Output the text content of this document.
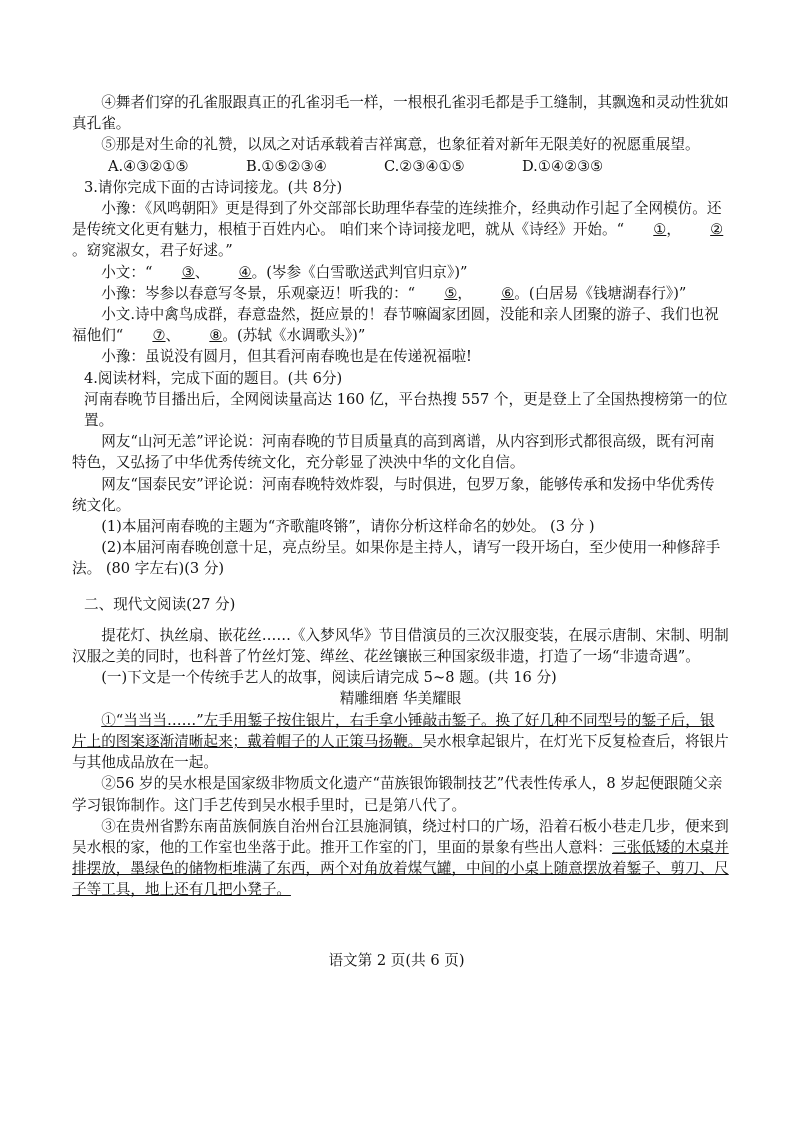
④舞者们穿的孔雀服跟真正的孔雀羽毛一样，一根根孔雀羽毛都是手工缝制，其飘逸和灵动性犹如真孔雀。

⑤那是对生命的礼赞，以凤之对话承载着吉祥寓意，也象征着对新年无限美好的祝愿重展望。

A.④③②①⑤	B.①⑤②③④	C.②③④①⑤	D.①④②③⑤

3.请你完成下面的古诗词接龙。(共 8分)

小豫：《风鸣朝阳》更是得到了外交部部长助理华春莹的连续推介，经典动作引起了全网模仿。还是传统文化更有魅力，根植于百姓内心。 咱们来个诗词接龙吧，就从《诗经》开始。“ ①， ②。窈窕淑女，君子好逑。”

小文：“ ③、 ④。(岑参《白雪歌送武判官归京》)”

小豫：岑参以春意写冬景，乐观豪迈！听我的：“ ⑤， ⑥。(白居易《钱塘湖春行》)”

小文.诗中禽鸟成群，春意盎然，挺应景的！春节嘛阖家团圆，没能和亲人团聚的游子、我们也祝福他们“ ⑦、 ⑧。(苏轼《水调歌头》)”

小豫：虽说没有圆月，但其看河南春晚也是在传递祝福啦!

4.阅读材料，完成下面的题目。(共 6分)

河南春晚节目播出后，全网阅读量高达 160 亿，平台热搜 557 个，更是登上了全国热搜榜第一的位置。

网友“山河无恙”评论说：河南春晚的节目质量真的高到离谱，从内容到形式都很高级，既有河南特色，又弘扬了中华优秀传统文化，充分彰显了泱泱中华的文化自信。

网友“国泰民安”评论说：河南春晚特效炸裂，与时俱进，包罗万象，能够传承和发扬中华优秀传统文化。

(1)本届河南春晚的主题为“齐歌龍咚锵”，请你分析这样命名的妙处。 (3 分 )

(2)本届河南春晚创意十足，亮点纷呈。如果你是主持人，请写一段开场白，至少使用一种修辞手法。 (80 字左右)(3 分)

二、现代文阅读(27 分)

提花灯、执丝扇、嵌花丝……《入梦风华》节目借演员的三次汉服变装，在展示唐制、宋制、明制汉服之美的同时，也科普了竹丝灯笼、缂丝、花丝镶嵌三种国家级非遗，打造了一场“非遗奇遇”。

(一)下文是一个传统手艺人的故事，阅读后请完成 5~8 题。(共 16 分)

精雕细磨 华美耀眼

①“当当当……”左手用錾子按住银片，右手拿小锤敲击錾子。换了好几种不同型号的錾子后，银片上的图案逐渐清晰起来；戴着帽子的人正策马扬鞭。吴水根拿起银片，在灯光下反复检查后，将银片与其他成品放在一起。

②56 岁的吴水根是国家级非物质文化遗产“苗族银饰锻制技艺”代表性传承人，8 岁起便跟随父亲学习银饰制作。这门手艺传到吴水根手里时，已是第八代了。

③在贵州省黔东南苗族侗族自治州台江县施洞镇，绕过村口的广场，沿着石板小巷走几步，便来到吴水根的家，他的工作室也坐落于此。推开工作室的门，里面的景象有些出人意料：三张低矮的木桌并排摆放，墨绿色的储物柜堆满了东西，两个对角放着煤气罐，中间的小桌上随意摆放着錾子、剪刀、尺子等工具，地上还有几把小凳子。

语文第 2 页(共 6 页)
